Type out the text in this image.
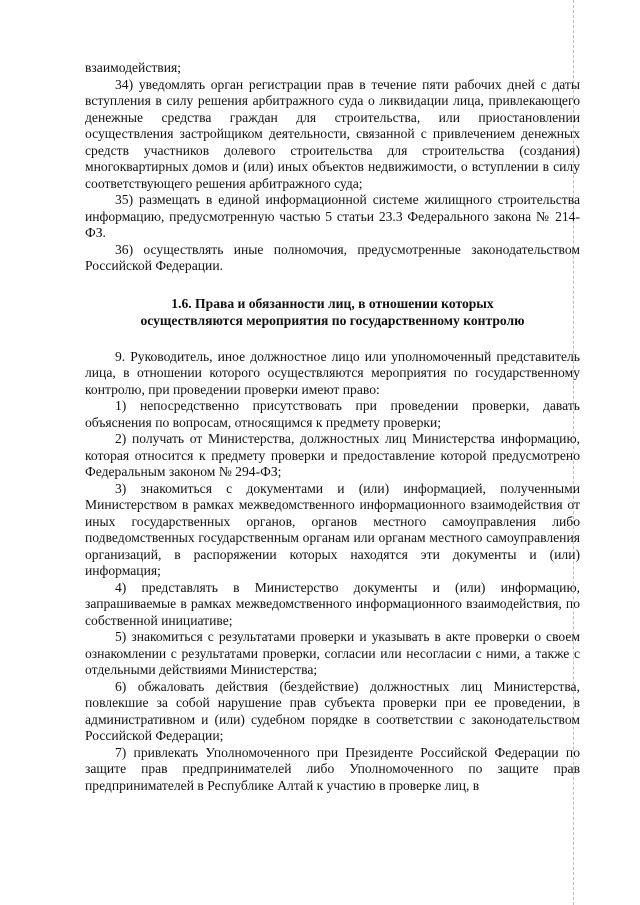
взаимодействия;

34) уведомлять орган регистрации прав в течение пяти рабочих дней с даты вступления в силу решения арбитражного суда о ликвидации лица, привлекающего денежные средства граждан для строительства, или приостановлении осуществления застройщиком деятельности, связанной с привлечением денежных средств участников долевого строительства для строительства (создания) многоквартирных домов и (или) иных объектов недвижимости, о вступлении в силу соответствующего решения арбитражного суда;

35) размещать в единой информационной системе жилищного строительства информацию, предусмотренную частью 5 статьи 23.3 Федерального закона № 214-ФЗ.

36) осуществлять иные полномочия, предусмотренные законодательством Российской Федерации.

1.6. Права и обязанности лиц, в отношении которых
осуществляются мероприятия по государственному контролю

9. Руководитель, иное должностное лицо или уполномоченный представитель лица, в отношении которого осуществляются мероприятия по государственному контролю, при проведении проверки имеют право:

1) непосредственно присутствовать при проведении проверки, давать объяснения по вопросам, относящимся к предмету проверки;

2) получать от Министерства, должностных лиц Министерства информацию, которая относится к предмету проверки и предоставление которой предусмотрено Федеральным законом № 294-ФЗ;

3) знакомиться с документами и (или) информацией, полученными Министерством в рамках межведомственного информационного взаимодействия от иных государственных органов, органов местного самоуправления либо подведомственных государственным органам или органам местного самоуправления организаций, в распоряжении которых находятся эти документы и (или) информация;

4) представлять в Министерство документы и (или) информацию, запрашиваемые в рамках межведомственного информационного взаимодействия, по собственной инициативе;

5) знакомиться с результатами проверки и указывать в акте проверки о своем ознакомлении с результатами проверки, согласии или несогласии с ними, а также с отдельными действиями Министерства;

6) обжаловать действия (бездействие) должностных лиц Министерства, повлекшие за собой нарушение прав субъекта проверки при ее проведении, в административном и (или) судебном порядке в соответствии с законодательством Российской Федерации;

7) привлекать Уполномоченного при Президенте Российской Федерации по защите прав предпринимателей либо Уполномоченного по защите прав предпринимателей в Республике Алтай к участию в проверке лиц, в
